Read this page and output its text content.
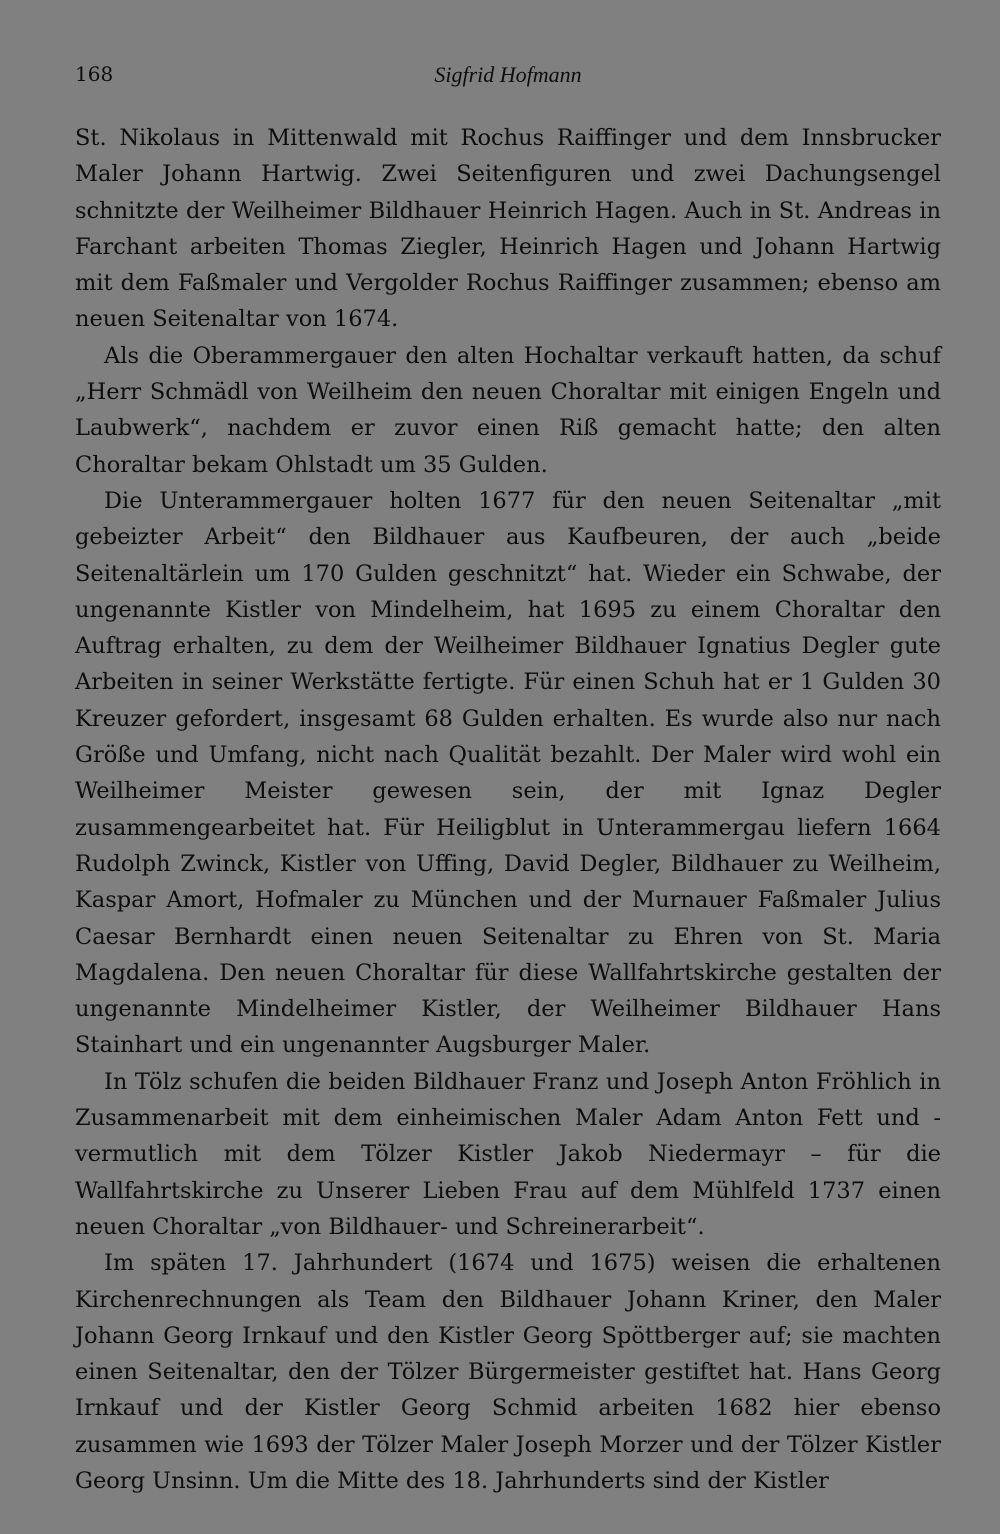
168	Sigfrid Hofmann

St. Nikolaus in Mittenwald mit Rochus Raiffinger und dem Innsbrucker Maler Johann Hartwig. Zwei Seitenfiguren und zwei Dachungsengel schnitzte der Weilheimer Bildhauer Heinrich Hagen. Auch in St. Andreas in Farchant arbeiten Thomas Ziegler, Heinrich Hagen und Johann Hartwig mit dem Faßmaler und Vergolder Rochus Raiffinger zusammen; ebenso am neuen Seitenaltar von 1674.

Als die Oberammergauer den alten Hochaltar verkauft hatten, da schuf „Herr Schmädl von Weilheim den neuen Choraltar mit einigen Engeln und Laubwerk“, nachdem er zuvor einen Riß gemacht hatte; den alten Choraltar bekam Ohlstadt um 35 Gulden.

Die Unterammergauer holten 1677 für den neuen Seitenaltar „mit gebeizter Arbeit“ den Bildhauer aus Kaufbeuren, der auch „beide Seitenaltärlein um 170 Gulden geschnitzt“ hat. Wieder ein Schwabe, der ungenannte Kistler von Mindelheim, hat 1695 zu einem Choraltar den Auftrag erhalten, zu dem der Weilheimer Bildhauer Ignatius Degler gute Arbeiten in seiner Werkstätte fertigte. Für einen Schuh hat er 1 Gulden 30 Kreuzer gefordert, insgesamt 68 Gulden erhalten. Es wurde also nur nach Größe und Umfang, nicht nach Qualität bezahlt. Der Maler wird wohl ein Weilheimer Meister gewesen sein, der mit Ignaz Degler zusammengearbeitet hat. Für Heiligblut in Unterammergau liefern 1664 Rudolph Zwinck, Kistler von Uffing, David Degler, Bildhauer zu Weilheim, Kaspar Amort, Hofmaler zu München und der Murnauer Faßmaler Julius Caesar Bernhardt einen neuen Seitenaltar zu Ehren von St. Maria Magdalena. Den neuen Choraltar für diese Wallfahrtskirche gestalten der ungenannte Mindelheimer Kistler, der Weilheimer Bildhauer Hans Stainhart und ein ungenannter Augsburger Maler.

In Tölz schufen die beiden Bildhauer Franz und Joseph Anton Fröhlich in Zusammenarbeit mit dem einheimischen Maler Adam Anton Fett und -vermutlich mit dem Tölzer Kistler Jakob Niedermayr – für die Wallfahrtskirche zu Unserer Lieben Frau auf dem Mühlfeld 1737 einen neuen Choraltar „von Bildhauer- und Schreinerarbeit“.

Im späten 17. Jahrhundert (1674 und 1675) weisen die erhaltenen Kirchenrechnungen als Team den Bildhauer Johann Kriner, den Maler Johann Georg Irnkauf und den Kistler Georg Spöttberger auf; sie machten einen Seitenaltar, den der Tölzer Bürgermeister gestiftet hat. Hans Georg Irnkauf und der Kistler Georg Schmid arbeiten 1682 hier ebenso zusammen wie 1693 der Tölzer Maler Joseph Morzer und der Tölzer Kistler Georg Unsinn. Um die Mitte des 18. Jahrhunderts sind der Kistler
